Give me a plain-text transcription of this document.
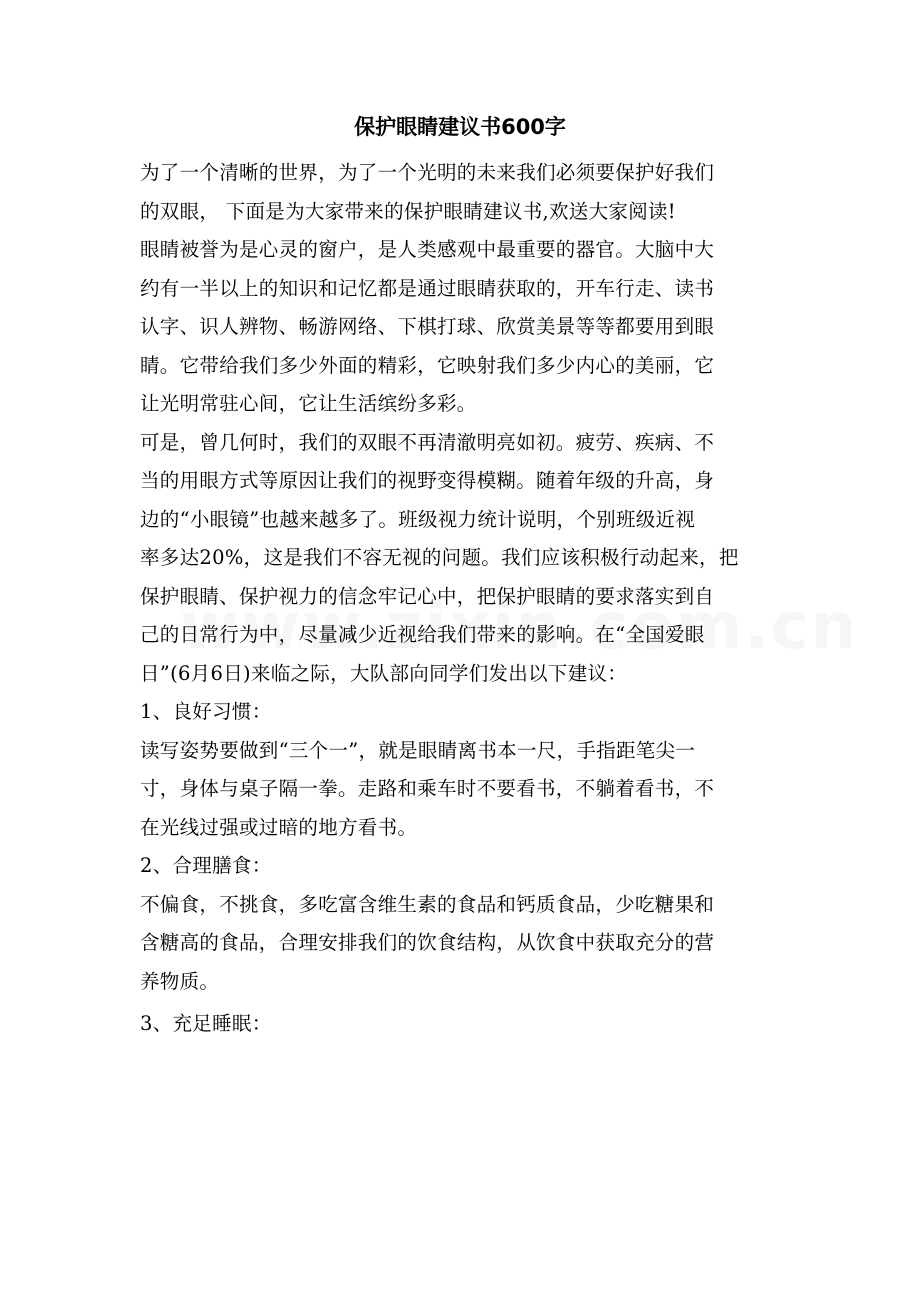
保护眼睛建议书600字
为了一个清晰的世界，为了一个光明的未来我们必须要保护好我们
的双眼， 下面是为大家带来的保护眼睛建议书,欢送大家阅读!
眼睛被誉为是心灵的窗户，是人类感观中最重要的器官。大脑中大
约有一半以上的知识和记忆都是通过眼睛获取的，开车行走、读书
认字、识人辨物、畅游网络、下棋打球、欣赏美景等等都要用到眼
睛。它带给我们多少外面的精彩，它映射我们多少内心的美丽，它
让光明常驻心间，它让生活缤纷多彩。
可是，曾几何时，我们的双眼不再清澈明亮如初。疲劳、疾病、不
当的用眼方式等原因让我们的视野变得模糊。随着年级的升高，身
边的“小眼镜”也越来越多了。班级视力统计说明，个别班级近视
率多达20%，这是我们不容无视的问题。我们应该积极行动起来，把
保护眼睛、保护视力的信念牢记心中，把保护眼睛的要求落实到自
己的日常行为中，尽量减少近视给我们带来的影响。在“全国爱眼
日”(6月6日)来临之际，大队部向同学们发出以下建议：
1、良好习惯：
读写姿势要做到“三个一”，就是眼睛离书本一尺，手指距笔尖一
寸，身体与桌子隔一拳。走路和乘车时不要看书，不躺着看书，不
在光线过强或过暗的地方看书。
2、合理膳食：
不偏食，不挑食，多吃富含维生素的食品和钙质食品，少吃糖果和
含糖高的食品，合理安排我们的饮食结构，从饮食中获取充分的营
养物质。
3、充足睡眠：
